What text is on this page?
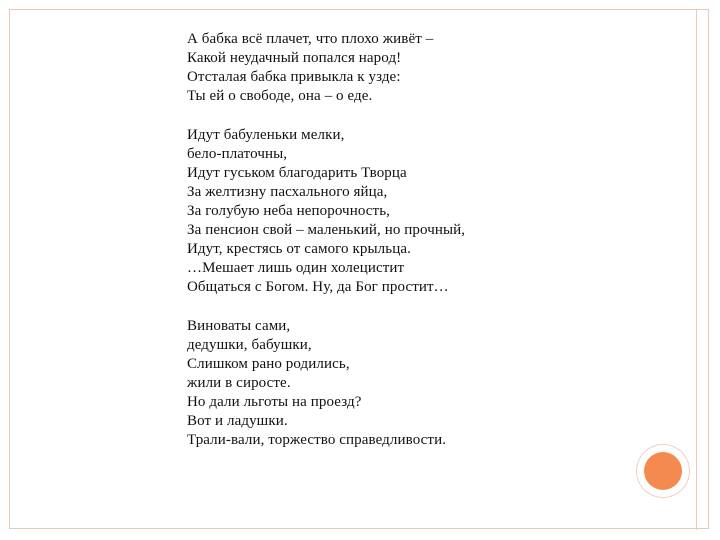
А бабка всё плачет, что плохо живёт –
Какой неудачный попался народ!
Отсталая бабка привыкла к узде:
Ты ей о свободе, она – о еде.
Идут бабуленьки мелки,
бело-платочны,
Идут гуськом благодарить Творца
За желтизну пасхального яйца,
За голубую неба непорочность,
За пенсион свой – маленький, но прочный,
Идут, крестясь от самого крыльца.
…Мешает лишь один холецистит
Общаться с Богом. Ну, да Бог простит…
Виноваты сами,
дедушки, бабушки,
Слишком рано родились,
жили в сиросте.
Но дали льготы на проезд?
Вот и ладушки.
Трали-вали, торжество справедливости.
